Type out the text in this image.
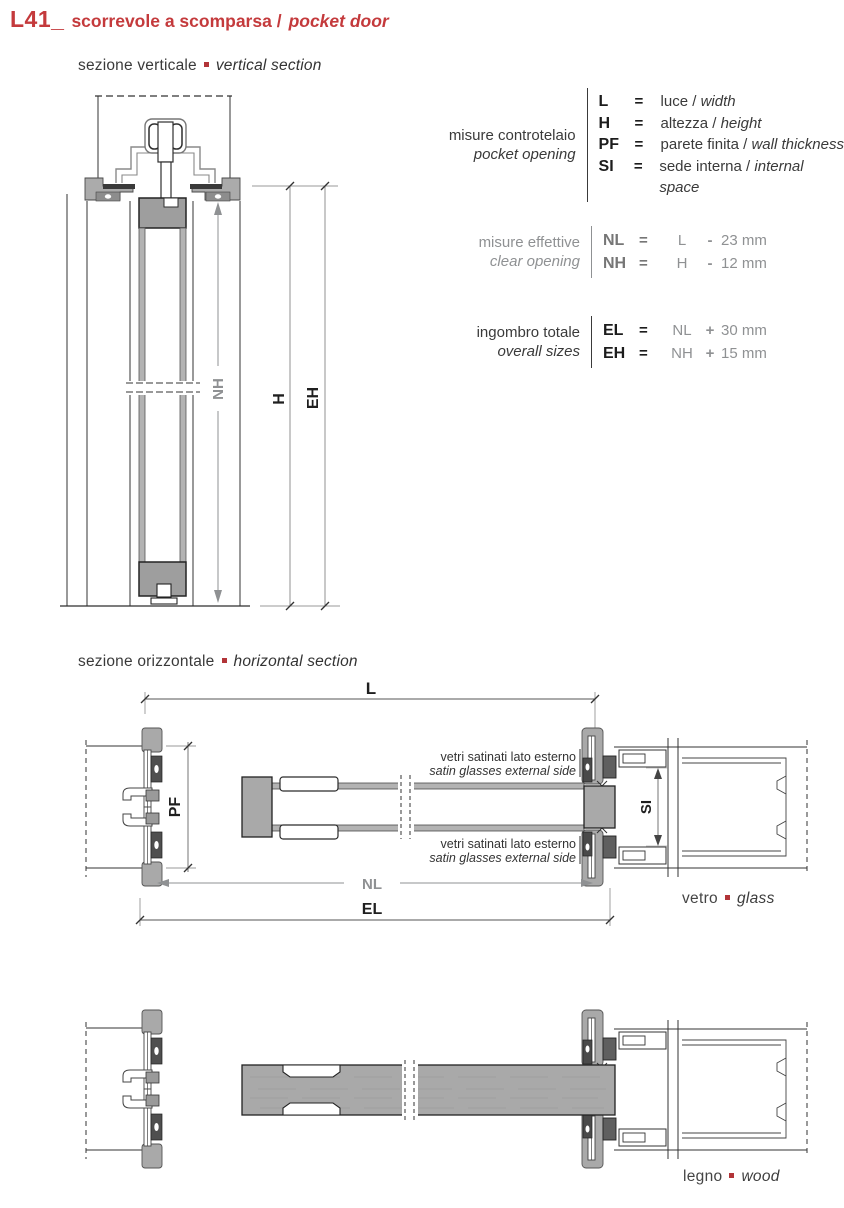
L41_ scorrevole a scomparsa / pocket door
sezione verticale vertical section
misure controtelaio
pocket opening
L	=	luce / width
H	=	altezza / height
PF	=	parete finita / wall thickness
SI	=	sede interna / internal space
misure effettive
clear opening
NL =	L	- 23 mm
NH =	H	- 12 mm
ingombro totale
overall sizes
EL	=	NL + 30 mm
EH =	NH + 15 mm
NH	H EH
sezione orizzontale horizontal section
L
PF	SI
vetri satinati lato esterno
satin glasses external side
vetri satinati lato esterno
satin glasses external side
NL
EL
vetro glass
legno wood
